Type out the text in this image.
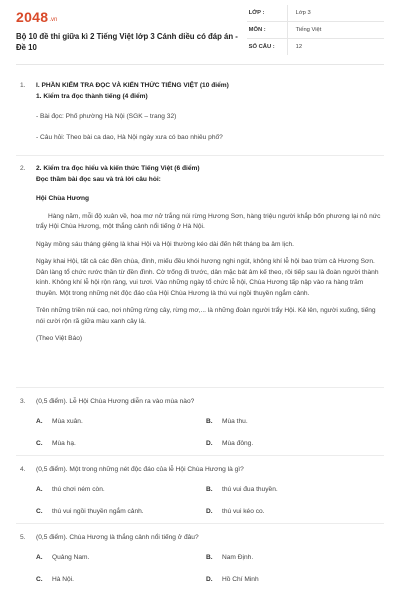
2048 .vn
Bộ 10 đề thi giữa kì 2 Tiếng Việt lớp 3 Cánh diều có đáp án - Đề 10
LỚP :	Lớp 3
MÔN :	Tiếng Việt
SỐ CÂU :	12
1. I. PHẦN KIỂM TRA ĐỌC VÀ KIẾN THỨC TIẾNG VIỆT (10 điểm)
1. Kiểm tra đọc thành tiếng (4 điểm)
- Bài đọc: Phố phường Hà Nội (SGK – trang 32)
- Câu hỏi: Theo bài ca dao, Hà Nội ngày xưa có bao nhiêu phố?
2. 2. Kiểm tra đọc hiểu và kiến thức Tiếng Việt (6 điểm)
Đọc thầm bài đọc sau và trả lời câu hỏi:
Hội Chùa Hương
Hàng năm, mỗi độ xuân về, hoa mơ nở trắng núi rừng Hương Sơn, hàng triệu người khắp bốn phương lại nô nức trẩy Hội Chùa Hương, một thắng cảnh nổi tiếng ở Hà Nội.
Ngày mồng sáu tháng giêng là khai Hội và Hội thường kéo dài đến hết tháng ba âm lịch.
Ngày khai Hội, tất cả các đền chùa, đình, miếu đều khói hương nghi ngút, không khí lễ hội bao trùm cả Hương Sơn. Dân làng tổ chức rước thần từ đền đình. Cờ trống đi trước, dân mặc bát âm kế theo, rồi tiếp sau là đoàn người thành kính. Không khí lễ hội rộn ràng, vui tươi. Vào những ngày tổ chức lễ hội, Chùa Hương tấp nập vào ra hàng trăm thuyền. Một trong những nét độc đáo của Hội Chùa Hương là thú vui ngồi thuyền ngắm cảnh.
Trên những triền núi cao, nơi những rừng cây, rừng mơ,... là những đoàn người trẩy Hội. Kẻ lên, người xuống, tiếng nói cười rộn rã giữa màu xanh cây lá.
(Theo Việt Báo)
3. (0,5 điểm). Lễ Hội Chùa Hương diễn ra vào mùa nào?
A.	Mùa xuân.	B.	Mùa thu.
C.	Mùa hạ.	D.	Mùa đông.
4. (0,5 điểm). Một trong những nét độc đáo của lễ Hội Chùa Hương là gì?
A.	thú chơi ném còn.	B.	thú vui đua thuyền.
C.	thú vui ngồi thuyền ngắm cảnh.	D.	thú vui kéo co.
5. (0,5 điểm). Chùa Hương là thắng cảnh nổi tiếng ở đâu?
A.	Quảng Nam.	B.	Nam Định.
C.	Hà Nội.	D.	Hồ Chí Minh
